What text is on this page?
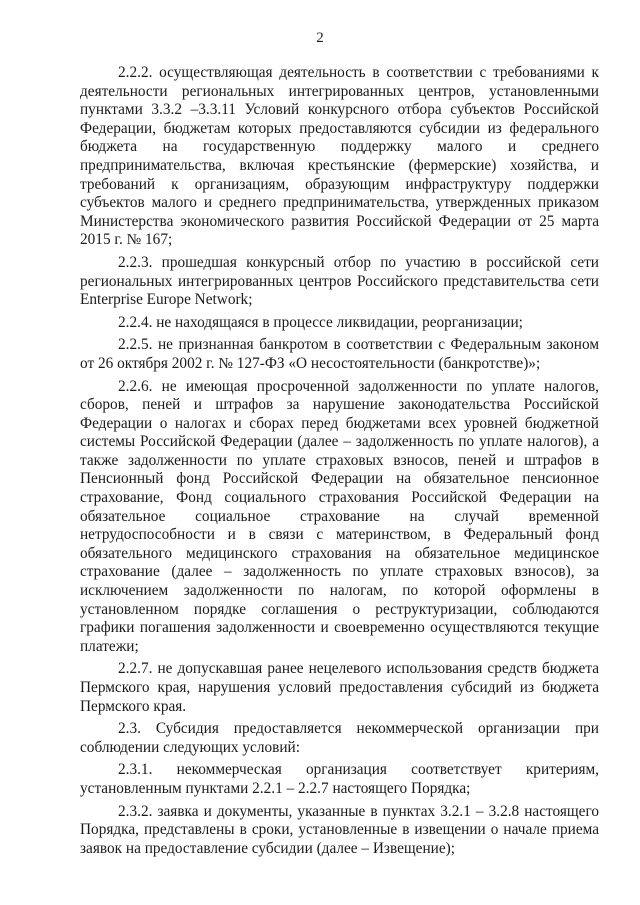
2

2.2.2. осуществляющая деятельность в соответствии с требованиями к деятельности региональных интегрированных центров, установленными пунктами 3.3.2 –3.3.11 Условий конкурсного отбора субъектов Российской Федерации, бюджетам которых предоставляются субсидии из федерального бюджета на государственную поддержку малого и среднего предпринимательства, включая крестьянские (фермерские) хозяйства, и требований к организациям, образующим инфраструктуру поддержки субъектов малого и среднего предпринимательства, утвержденных приказом Министерства экономического развития Российской Федерации от 25 марта 2015 г. № 167;

2.2.3. прошедшая конкурсный отбор по участию в российской сети региональных интегрированных центров Российского представительства сети Enterprise Europe Network;

2.2.4. не находящаяся в процессе ликвидации, реорганизации;

2.2.5. не признанная банкротом в соответствии с Федеральным законом от 26 октября 2002 г. № 127-ФЗ «О несостоятельности (банкротстве)»;

2.2.6. не имеющая просроченной задолженности по уплате налогов, сборов, пеней и штрафов за нарушение законодательства Российской Федерации о налогах и сборах перед бюджетами всех уровней бюджетной системы Российской Федерации (далее – задолженность по уплате налогов), а также задолженности по уплате страховых взносов, пеней и штрафов в Пенсионный фонд Российской Федерации на обязательное пенсионное страхование, Фонд социального страхования Российской Федерации на обязательное социальное страхование на случай временной нетрудоспособности и в связи с материнством, в Федеральный фонд обязательного медицинского страхования на обязательное медицинское страхование (далее – задолженность по уплате страховых взносов), за исключением задолженности по налогам, по которой оформлены в установленном порядке соглашения о реструктуризации, соблюдаются графики погашения задолженности и своевременно осуществляются текущие платежи;

2.2.7. не допускавшая ранее нецелевого использования средств бюджета Пермского края, нарушения условий предоставления субсидий из бюджета Пермского края.

2.3. Субсидия предоставляется некоммерческой организации при соблюдении следующих условий:

2.3.1. некоммерческая организация соответствует критериям, установленным пунктами 2.2.1 – 2.2.7 настоящего Порядка;

2.3.2. заявка и документы, указанные в пунктах 3.2.1 – 3.2.8 настоящего Порядка, представлены в сроки, установленные в извещении о начале приема заявок на предоставление субсидии (далее – Извещение);
